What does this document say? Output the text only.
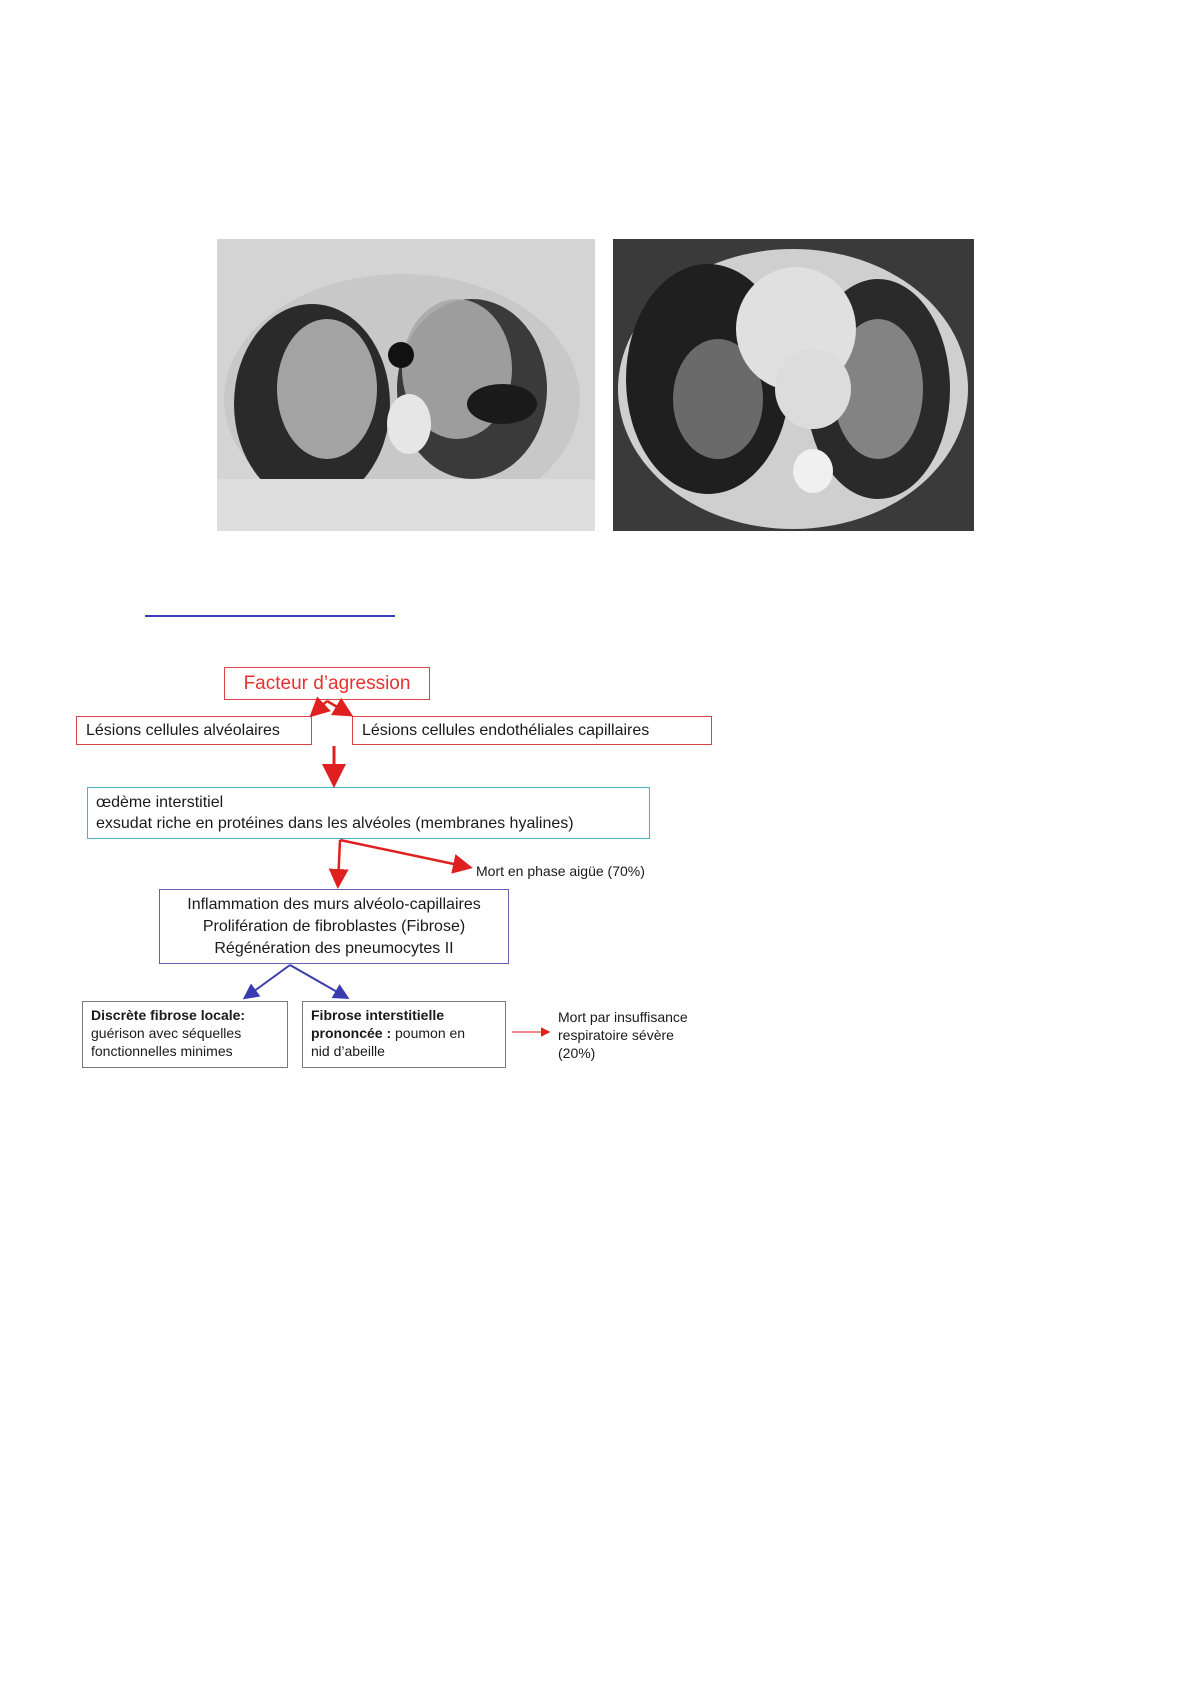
Facteur d’agression
Lésions cellules alvéolaires	Lésions cellules endothéliales capillaires
œdème interstitiel
exsudat riche en protéines dans les alvéoles (membranes hyalines)
Mort en phase aigüe (70%)
Inflammation des murs alvéolo-capillaires
Prolifération de fibroblastes (Fibrose)
Régénération des pneumocytes II
Discrète fibrose locale:
guérison avec séquelles
fonctionnelles minimes
Fibrose interstitielle
prononcée : poumon en
nid d’abeille
Mort par insuffisance
respiratoire sévère
(20%)
